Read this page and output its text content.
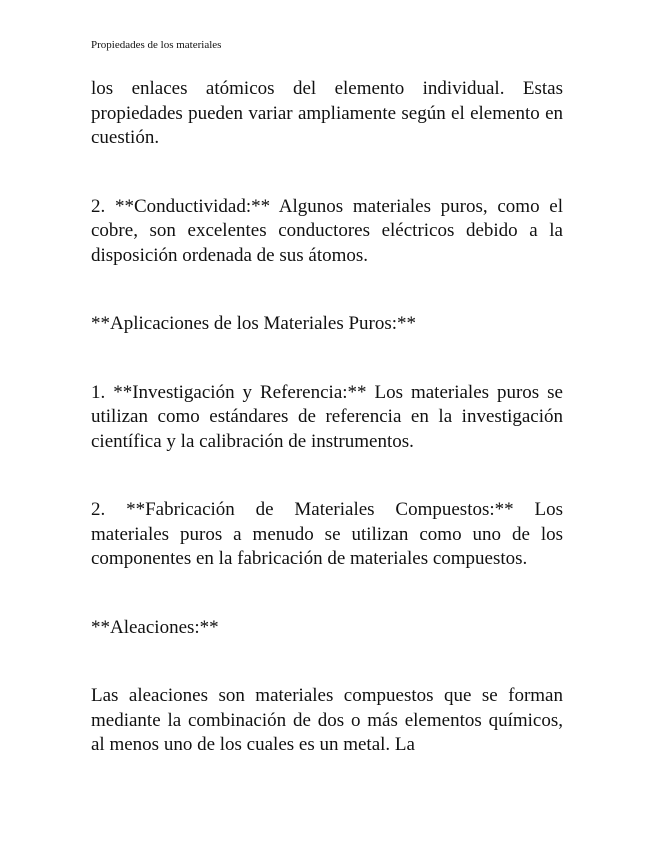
Propiedades de los materiales

los enlaces atómicos del elemento individual. Estas propiedades pueden variar ampliamente según el elemento en cuestión.

2. **Conductividad:** Algunos materiales puros, como el cobre, son excelentes conductores eléctricos debido a la disposición ordenada de sus átomos.

**Aplicaciones de los Materiales Puros:**

1. **Investigación y Referencia:** Los materiales puros se utilizan como estándares de referencia en la investigación científica y la calibración de instrumentos.

2. **Fabricación de Materiales Compuestos:** Los materiales puros a menudo se utilizan como uno de los componentes en la fabricación de materiales compuestos.

**Aleaciones:**

Las aleaciones son materiales compuestos que se forman mediante la combinación de dos o más elementos químicos, al menos uno de los cuales es un metal. La
